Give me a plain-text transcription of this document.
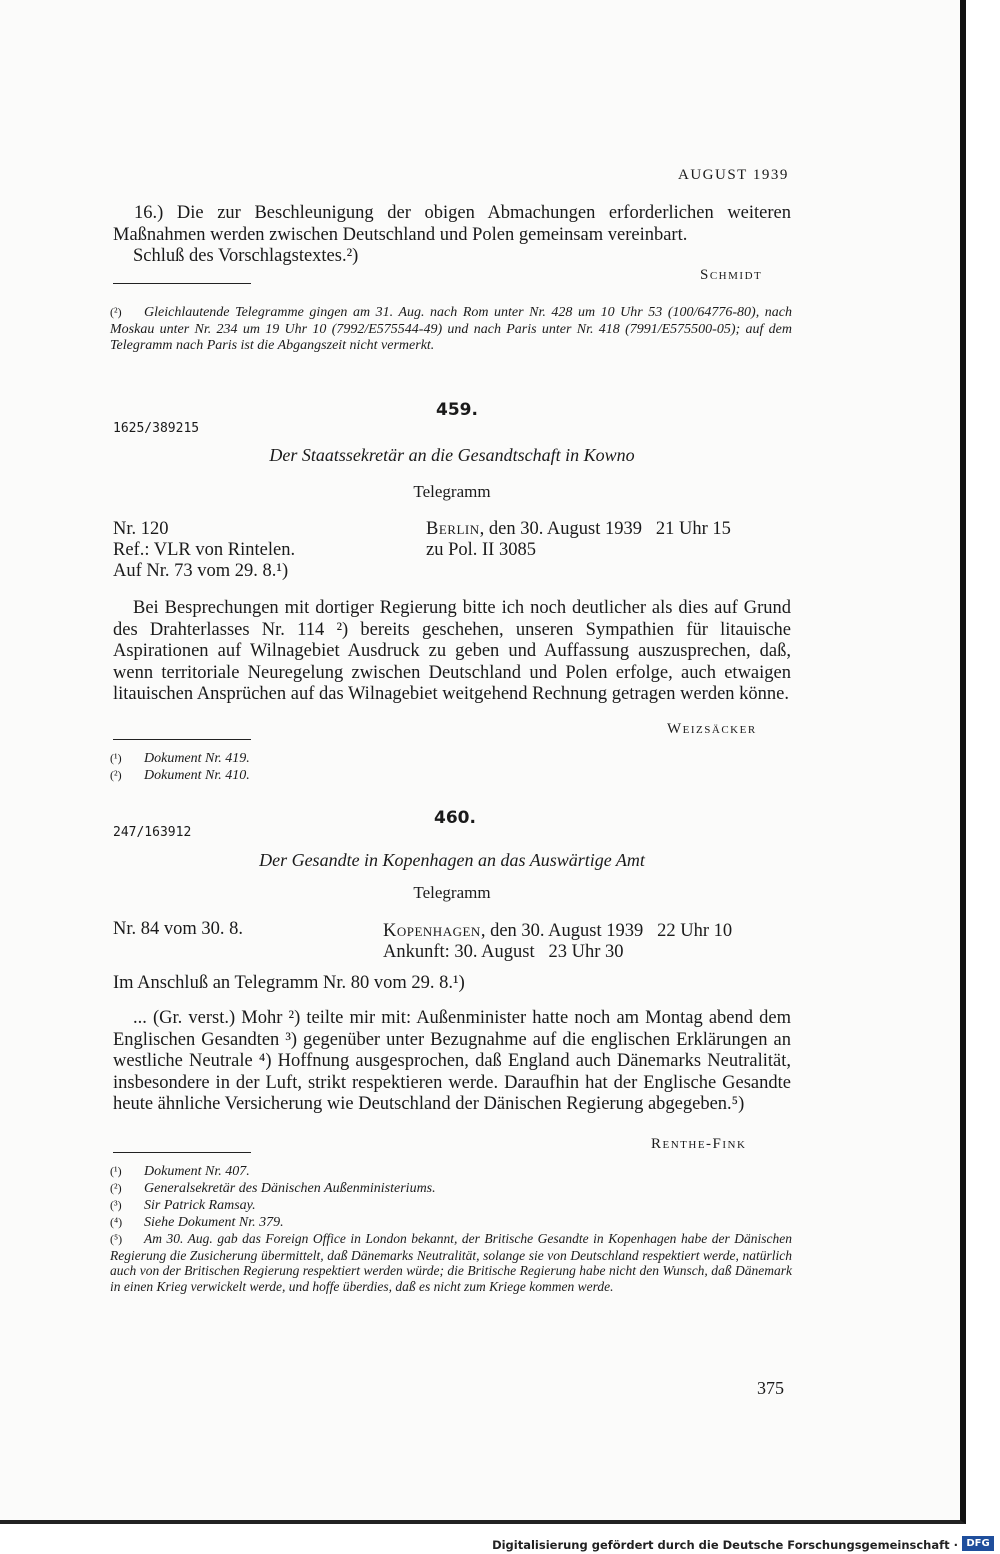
AUGUST 1939
16.) Die zur Beschleunigung der obigen Abmachungen erforderlichen weiteren Maßnahmen werden zwischen Deutschland und Polen gemeinsam vereinbart.
Schluß des Vorschlagstextes.²)
Schmidt
(²) Gleichlautende Telegramme gingen am 31. Aug. nach Rom unter Nr. 428 um 10 Uhr 53 (100/64776-80), nach Moskau unter Nr. 234 um 19 Uhr 10 (7992/E575544-49) und nach Paris unter Nr. 418 (7991/E575500-05); auf dem Telegramm nach Paris ist die Abgangszeit nicht vermerkt.
459.
1625/389215
Der Staatssekretär an die Gesandtschaft in Kowno
Telegramm
Nr. 120
Ref.: VLR von Rintelen.
Auf Nr. 73 vom 29. 8.¹)
Berlin, den 30. August 1939   21 Uhr 15
zu Pol. II 3085
Bei Besprechungen mit dortiger Regierung bitte ich noch deutlicher als dies auf Grund des Drahterlasses Nr. 114 ²) bereits geschehen, unseren Sympathien für litauische Aspirationen auf Wilnagebiet Ausdruck zu geben und Auffassung auszusprechen, daß, wenn territoriale Neuregelung zwischen Deutschland und Polen erfolge, auch etwaigen litauischen Ansprüchen auf das Wilnagebiet weitgehend Rechnung getragen werden könne.
Weizsäcker
(¹) Dokument Nr. 419.
(²) Dokument Nr. 410.
460.
247/163912
Der Gesandte in Kopenhagen an das Auswärtige Amt
Telegramm
Nr. 84 vom 30. 8.	Kopenhagen, den 30. August 1939   22 Uhr 10
Ankunft: 30. August   23 Uhr 30
Im Anschluß an Telegramm Nr. 80 vom 29. 8.¹)
... (Gr. verst.) Mohr ²) teilte mir mit: Außenminister hatte noch am Montag abend dem Englischen Gesandten ³) gegenüber unter Bezugnahme auf die englischen Erklärungen an westliche Neutrale ⁴) Hoffnung ausgesprochen, daß England auch Dänemarks Neutralität, insbesondere in der Luft, strikt respektieren werde. Daraufhin hat der Englische Gesandte heute ähnliche Versicherung wie Deutschland der Dänischen Regierung abgegeben.⁵)
Renthe-Fink
(¹) Dokument Nr. 407.
(²) Generalsekretär des Dänischen Außenministeriums.
(³) Sir Patrick Ramsay.
(⁴) Siehe Dokument Nr. 379.
(⁵) Am 30. Aug. gab das Foreign Office in London bekannt, der Britische Gesandte in Kopenhagen habe der Dänischen Regierung die Zusicherung übermittelt, daß Dänemarks Neutralität, solange sie von Deutschland respektiert werde, natürlich auch von der Britischen Regierung respektiert werden würde; die Britische Regierung habe nicht den Wunsch, daß Dänemark in einen Krieg verwickelt werde, und hoffe überdies, daß es nicht zum Kriege kommen werde.
375
Digitalisierung gefördert durch die Deutsche Forschungsgemeinschaft · DFG
